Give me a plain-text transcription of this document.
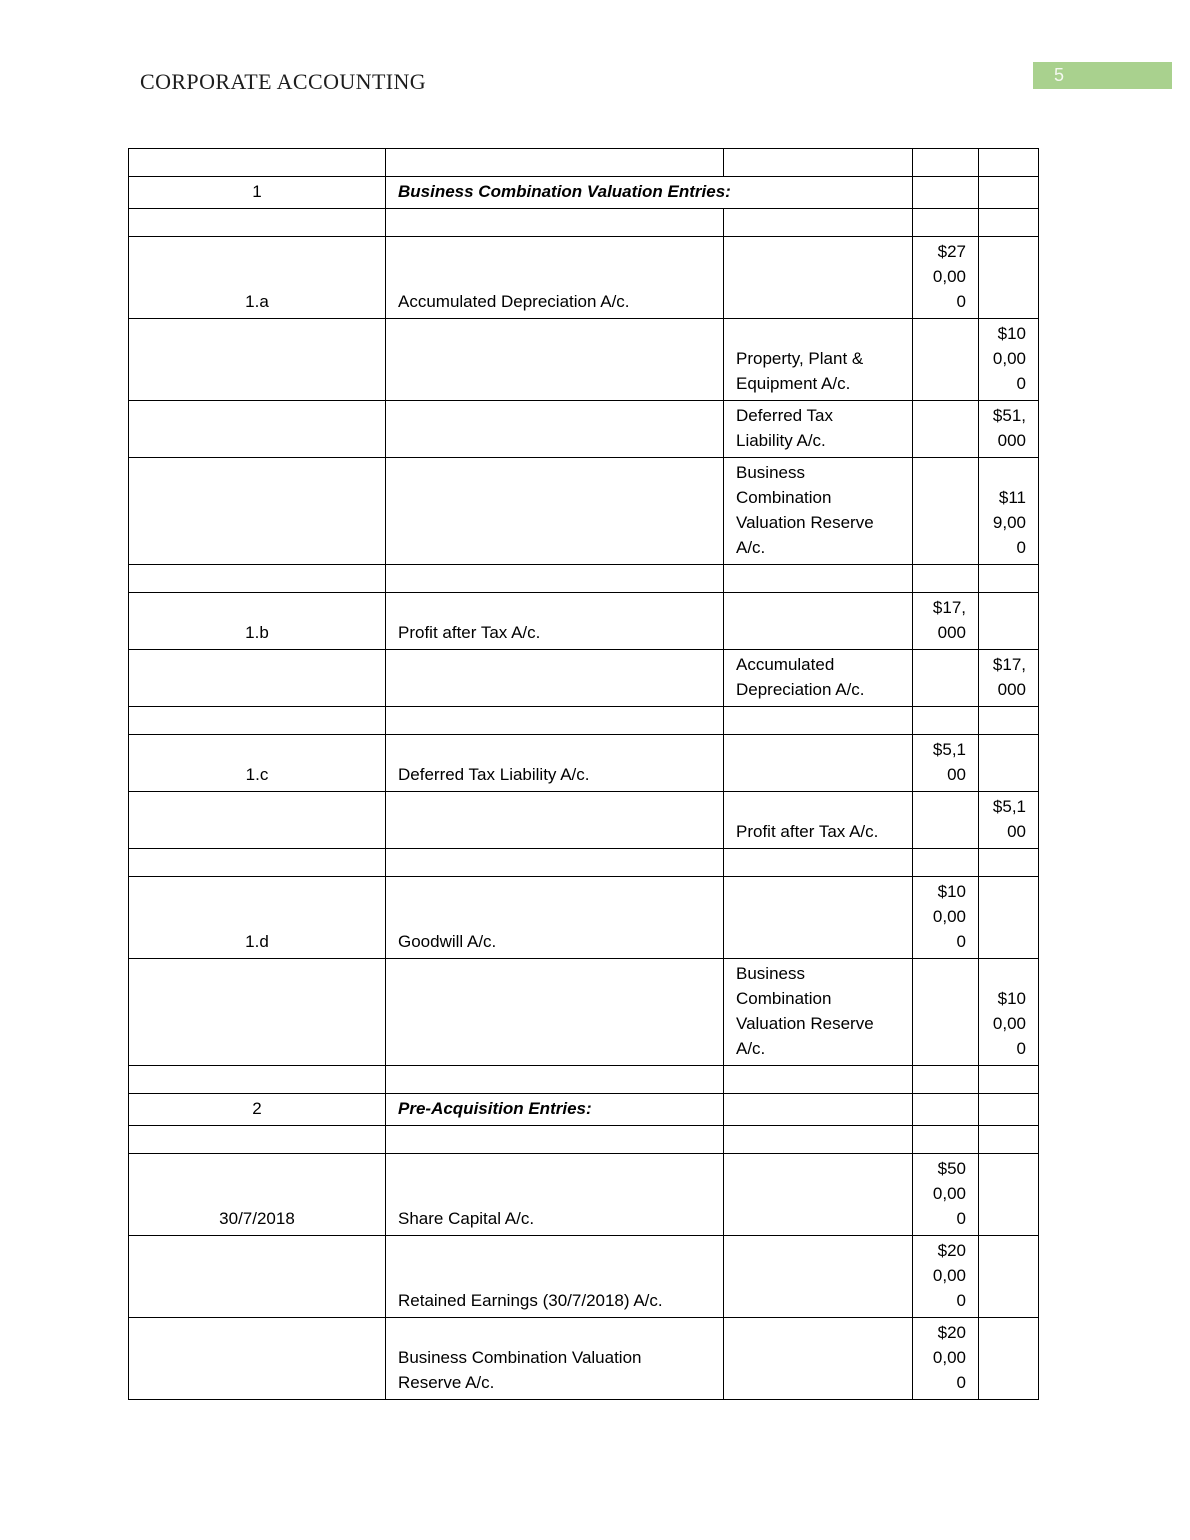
CORPORATE ACCOUNTING	5

1	Business Combination Valuation Entries:			

1.a	Accumulated Depreciation A/c.		$270,000	
		Property, Plant & Equipment A/c.		$100,000
		Deferred Tax Liability A/c.		$51,000
		Business Combination Valuation Reserve A/c.		$119,000

1.b	Profit after Tax A/c.		$17,000	
		Accumulated Depreciation A/c.		$17,000

1.c	Deferred Tax Liability A/c.		$5,100	
		Profit after Tax A/c.		$5,100

1.d	Goodwill A/c.		$100,000	
		Business Combination Valuation Reserve A/c.		$100,000

2	Pre-Acquisition Entries:			

30/7/2018	Share Capital A/c.		$500,000	
	Retained Earnings (30/7/2018) A/c.		$200,000	
	Business Combination Valuation Reserve A/c.		$200,000	
